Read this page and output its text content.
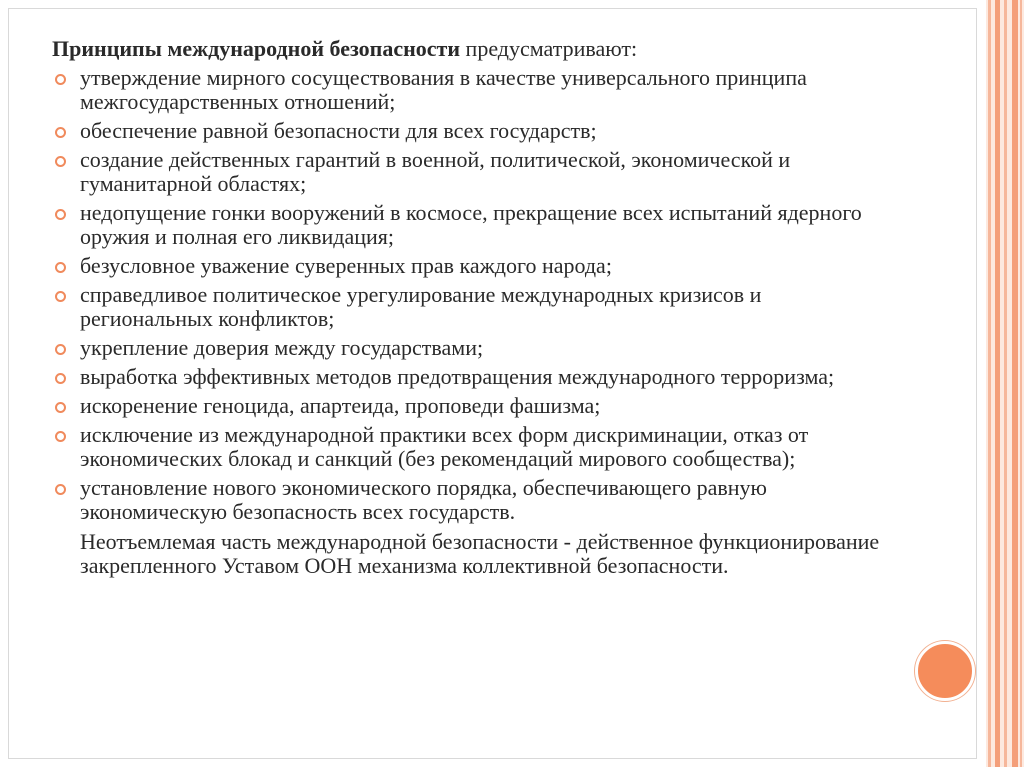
Принципы международной безопасности предусматривают:
утверждение мирного сосуществования в качестве универсального принципа межгосударственных отношений;
обеспечение равной безопасности для всех государств;
создание действенных гарантий в военной, политической, экономической и гуманитарной областях;
недопущение гонки вооружений в космосе, прекращение всех испытаний ядерного оружия и полная его ликвидация;
безусловное уважение суверенных прав каждого народа;
справедливое политическое урегулирование международных кризисов и региональных конфликтов;
укрепление доверия между государствами;
выработка эффективных методов предотвращения международного терроризма;
искоренение геноцида, апартеида, проповеди фашизма;
исключение из международной практики всех форм дискриминации, отказ от экономических блокад и санкций (без рекомендаций мирового сообщества);
установление нового экономического порядка, обеспечивающего равную экономическую безопасность всех государств.
Неотъемлемая часть международной безопасности - действенное функционирование закрепленного Уставом ООН механизма коллективной безопасности.
